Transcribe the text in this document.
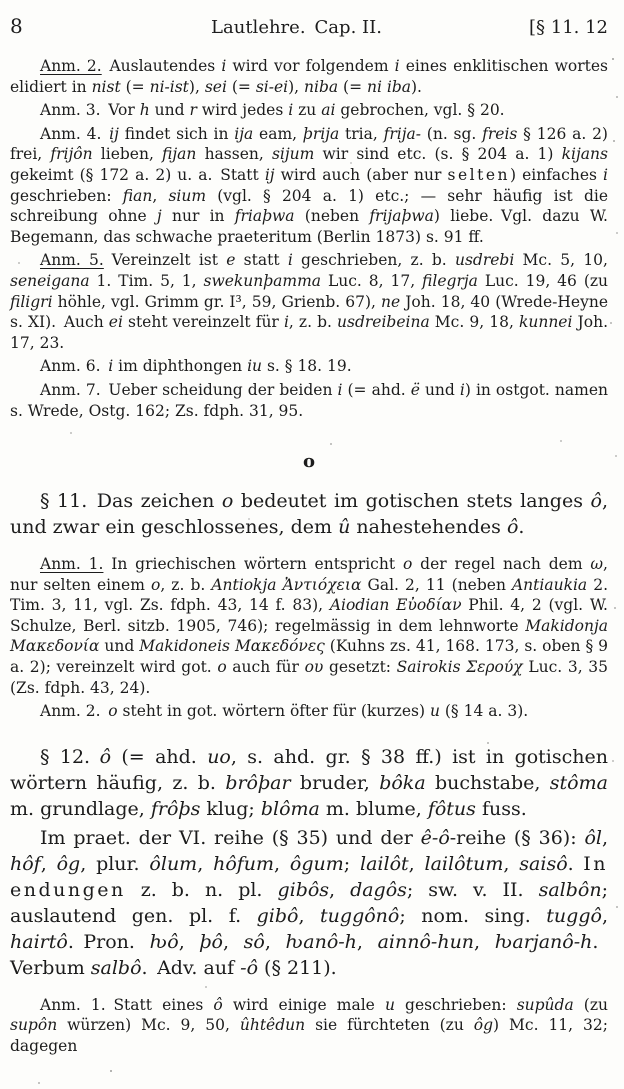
8	Lautlehre. Cap. II.	[§ 11. 12

Anm. 2. Auslautendes i wird vor folgendem i eines enklitischen wortes elidiert in nist (= ni-ist), sei (= si-ei), niba (= ni iba).

Anm. 3. Vor h und r wird jedes i zu ai gebrochen, vgl. § 20.

Anm. 4. ij findet sich in ija eam, þrija tria, frija- (n. sg. freis § 126 a. 2) frei, frijôn lieben, fijan hassen, sijum wir sind etc. (s. § 204 a. 1) kijans gekeimt (§ 172 a. 2) u. a. Statt ij wird auch (aber nur selten) einfaches i geschrieben: fian, sium (vgl. § 204 a. 1) etc.; — sehr häufig ist die schreibung ohne j nur in friaþwa (neben frijaþwa) liebe. Vgl. dazu W. Begemann, das schwache praeteritum (Berlin 1873) s. 91 ff.

Anm. 5. Vereinzelt ist e statt i geschrieben, z. b. usdrebi Mc. 5, 10, seneigana 1. Tim. 5, 1, swekunþamma Luc. 8, 17, filegrja Luc. 19, 46 (zu filigri höhle, vgl. Grimm gr. I³, 59, Grienb. 67), ne Joh. 18, 40 (Wrede-Heyne s. XI). Auch ei steht vereinzelt für i, z. b. usdreibeina Mc. 9, 18, kunnei Joh. 17, 23.

Anm. 6. i im diphthongen iu s. § 18. 19.

Anm. 7. Ueber scheidung der beiden i (= ahd. ë und i) in ostgot. namen s. Wrede, Ostg. 162; Zs. fdph. 31, 95.

o

§ 11. Das zeichen o bedeutet im gotischen stets langes ô, und zwar ein geschlossenes, dem û nahestehendes ô.

Anm. 1. In griechischen wörtern entspricht o der regel nach dem ω, nur selten einem o, z. b. Antiokja Ἀντιόχεια Gal. 2, 11 (neben Antiaukia 2. Tim. 3, 11, vgl. Zs. fdph. 43, 14 f. 83), Aiodian Εὐοδίαν Phil. 4, 2 (vgl. W. Schulze, Berl. sitzb. 1905, 746); regelmässig in dem lehnworte Makidonja Μακεδονία und Makidoneis Μακεδόνες (Kuhns zs. 41, 168. 173, s. oben § 9 a. 2); vereinzelt wird got. o auch für ου gesetzt: Sairokis Σερούχ Luc. 3, 35 (Zs. fdph. 43, 24).

Anm. 2. o steht in got. wörtern öfter für (kurzes) u (§ 14 a. 3).

§ 12. ô (= ahd. uo, s. ahd. gr. § 38 ff.) ist in gotischen wörtern häufig, z. b. brôþar bruder, bôka buchstabe, stôma m. grundlage, frôþs klug; blôma m. blume, fôtus fuss.

Im praet. der VI. reihe (§ 35) und der ê-ô-reihe (§ 36): ôl, hôf, ôg, plur. ôlum, hôfum, ôgum; lailôt, lailôtum, saisô. In endungen z. b. n. pl. gibôs, dagôs; sw. v. II. salbôn; auslautend gen. pl. f. gibô, tuggônô; nom. sing. tuggô, hairtô. Pron. ƕô, þô, sô, ƕanô-h, ainnô-hun, ƕarjanô-h. Verbum salbô. Adv. auf -ô (§ 211).

Anm. 1. Statt eines ô wird einige male u geschrieben: supûda (zu supôn würzen) Mc. 9, 50, ûhtêdun sie fürchteten (zu ôg) Mc. 11, 32; dagegen
